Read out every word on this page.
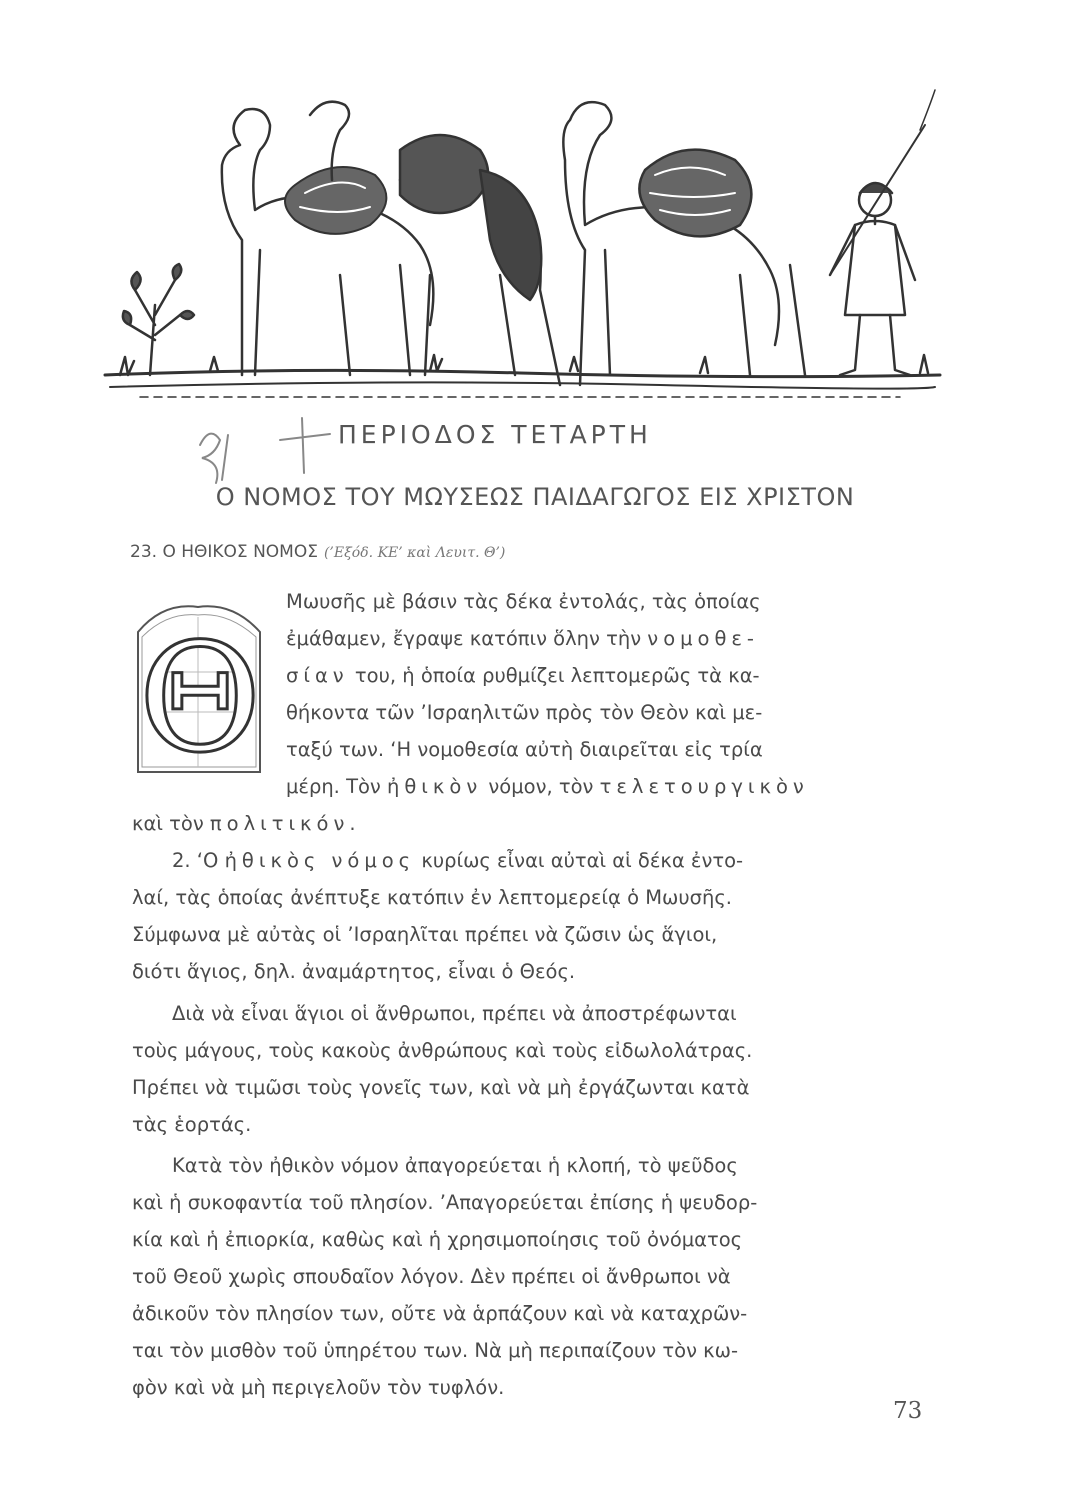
ΠΕΡΙΟΔΟΣ ΤΕΤΑΡΤΗ
Ο ΝΟΜΟΣ ΤΟΥ ΜΩΥΣΕΩΣ ΠΑΙΔΑΓΩΓΟΣ ΕΙΣ ΧΡΙΣΤΟΝ
23. Ο ΗΘΙΚΟΣ ΝΟΜΟΣ (’Εξόδ. ΚΕ’ καὶ Λευιτ. Θ’)
Θ
Μωυσῆς μὲ βάσιν τὰς δέκα ἐντολάς, τὰς ὁποίας
ἐμάθαμεν, ἔγραψε κατόπιν ὅλην τὴν νομοθε-
σίαν του, ἡ ὁποία ρυθμίζει λεπτομερῶς τὰ κα-
θήκοντα τῶν ’Ισραηλιτῶν πρὸς τὸν Θεὸν καὶ με-
ταξύ των. ‘Η νομοθεσία αὐτὴ διαιρεῖται εἰς τρία
μέρη. Τὸν ἠθικὸν νόμον, τὸν τελετουργικὸν
καὶ τὸν πολιτικόν.
2. ‘Ο ἠθικὸς νόμος κυρίως εἶναι αὐταὶ αἱ δέκα ἐντο-
λαί, τὰς ὁποίας ἀνέπτυξε κατόπιν ἐν λεπτομερείᾳ ὁ Μωυσῆς.
Σύμφωνα μὲ αὐτὰς οἱ ’Ισραηλῖται πρέπει νὰ ζῶσιν ὡς ἅγιοι,
διότι ἅγιος, δηλ. ἀναμάρτητος, εἶναι ὁ Θεός.
Διὰ νὰ εἶναι ἅγιοι οἱ ἄνθρωποι, πρέπει νὰ ἀποστρέφωνται
τοὺς μάγους, τοὺς κακοὺς ἀνθρώπους καὶ τοὺς εἰδωλολάτρας.
Πρέπει νὰ τιμῶσι τοὺς γονεῖς των, καὶ νὰ μὴ ἐργάζωνται κατὰ
τὰς ἑορτάς.
Κατὰ τὸν ἠθικὸν νόμον ἀπαγορεύεται ἡ κλοπή, τὸ ψεῦδος
καὶ ἡ συκοφαντία τοῦ πλησίον. ’Απαγορεύεται ἐπίσης ἡ ψευδορ-
κία καὶ ἡ ἐπιορκία, καθὼς καὶ ἡ χρησιμοποίησις τοῦ ὀνόματος
τοῦ Θεοῦ χωρὶς σπουδαῖον λόγον. Δὲν πρέπει οἱ ἄνθρωποι νὰ
ἀδικοῦν τὸν πλησίον των, οὔτε νὰ ἁρπάζουν καὶ νὰ καταχρῶν-
ται τὸν μισθὸν τοῦ ὑπηρέτου των. Νὰ μὴ περιπαίζουν τὸν κω-
φὸν καὶ νὰ μὴ περιγελοῦν τὸν τυφλόν.
73
